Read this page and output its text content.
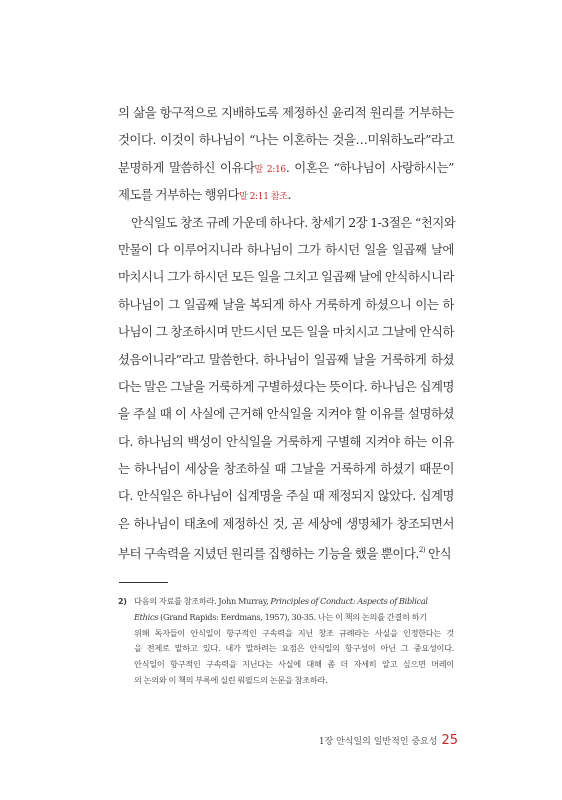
의 삶을 항구적으로 지배하도록 제정하신 윤리적 원리를 거부하는
것이다. 이것이 하나님이 “나는 이혼하는 것을…미워하노라”라고
분명하게 말씀하신 이유다말 2:16. 이혼은 “하나님이 사랑하시는”
제도를 거부하는 행위다말 2:11 참조.
안식일도 창조 규례 가운데 하나다. 창세기 2장 1-3절은 “천지와
만물이 다 이루어지니라 하나님이 그가 하시던 일을 일곱째 날에
마치시니 그가 하시던 모든 일을 그치고 일곱째 날에 안식하시니라
하나님이 그 일곱째 날을 복되게 하사 거룩하게 하셨으니 이는 하
나님이 그 창조하시며 만드시던 모든 일을 마치시고 그날에 안식하
셨음이니라”라고 말씀한다. 하나님이 일곱째 날을 거룩하게 하셨
다는 말은 그날을 거룩하게 구별하셨다는 뜻이다. 하나님은 십계명
을 주실 때 이 사실에 근거해 안식일을 지켜야 할 이유를 설명하셨
다. 하나님의 백성이 안식일을 거룩하게 구별해 지켜야 하는 이유
는 하나님이 세상을 창조하실 때 그날을 거룩하게 하셨기 때문이
다. 안식일은 하나님이 십계명을 주실 때 제정되지 않았다. 십계명
은 하나님이 태초에 제정하신 것, 곧 세상에 생명체가 창조되면서
부터 구속력을 지녔던 원리를 집행하는 기능을 했을 뿐이다.$^{2)}$ 안식
2) 다음의 자료를 참조하라. John Murray, Principles of Conduct: Aspects of Biblical
Ethics (Grand Rapids: Eerdmans, 1957), 30-35. 나는 이 책의 논의를 간결히 하기
위해 독자들이 안식일이 항구적인 구속력을 지닌 창조 규례라는 사실을 인정한다는 것
을 전제로 말하고 있다. 내가 말하려는 요점은 안식일의 항구성이 아닌 그 중요성이다.
안식일이 항구적인 구속력을 지닌다는 사실에 대해 좀 더 자세히 알고 싶으면 머레이
의 논의와 이 책의 부록에 실린 워필드의 논문을 참조하라.
1장 안식일의 일반적인 중요성 25
